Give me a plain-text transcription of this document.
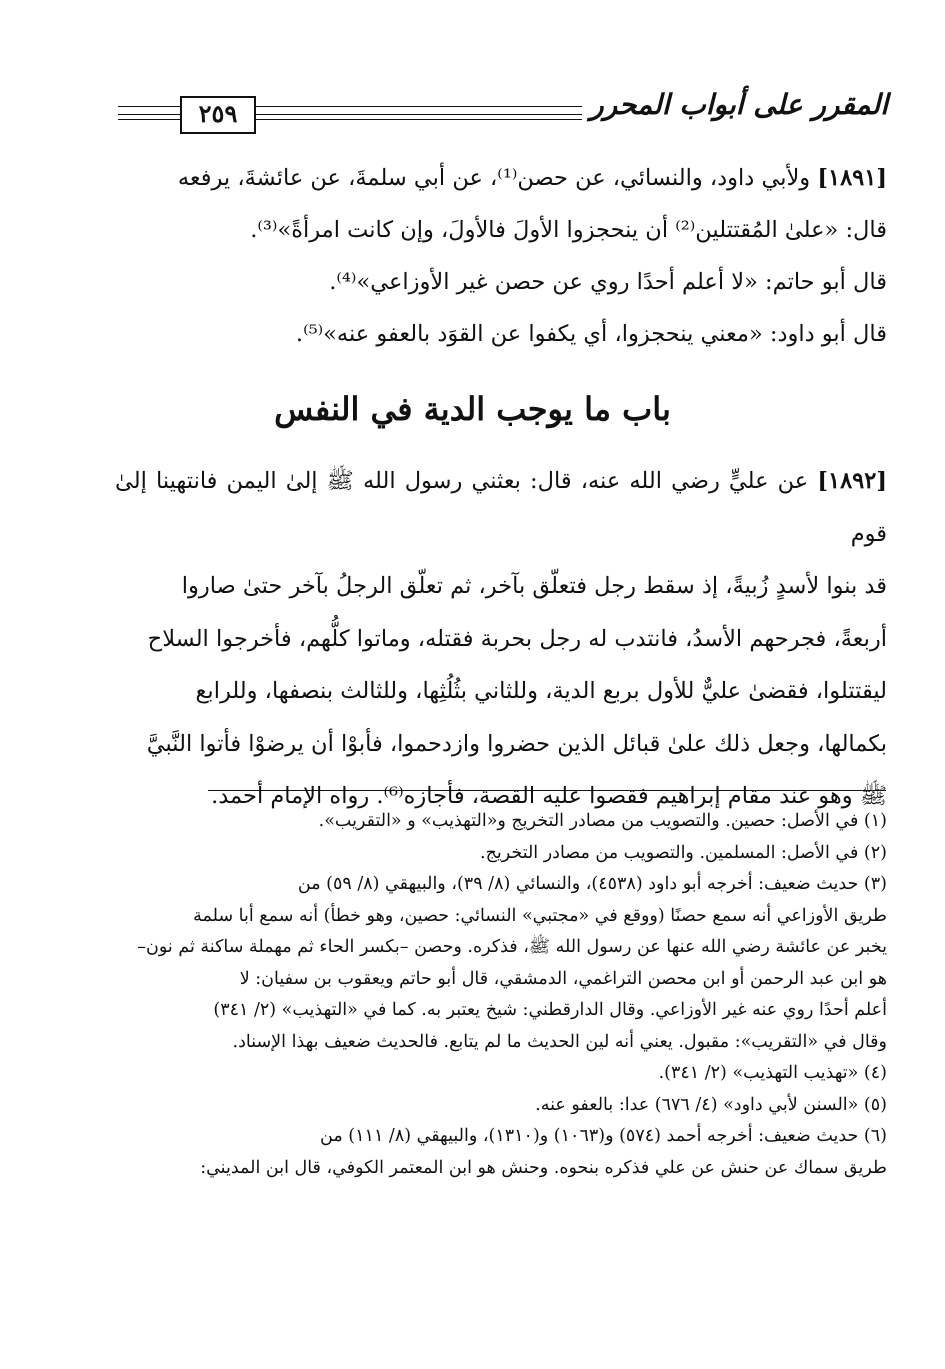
٢٥٩	المقرر على أبواب المحرر
[١٨٩١] ولأبي داود، والنسائي، عن حصن⁽¹⁾، عن أبي سلمةَ، عن عائشةَ، يرفعه
قال: «علىٰ المُقتتلين⁽²⁾ أن ينحجزوا الأولَ فالأولَ، وإن كانت امرأةً»⁽³⁾.
قال أبو حاتم: «لا أعلم أحدًا روي عن حصن غير الأوزاعي»⁽⁴⁾.
قال أبو داود: «معني ينحجزوا، أي يكفوا عن القوَد بالعفو عنه»⁽⁵⁾.
باب ما يوجب الدية في النفس
[١٨٩٢] عن عليٍّ رضي الله عنه، قال: بعثني رسول الله ﷺ إلىٰ اليمن فانتهينا إلىٰ قوم
قد بنوا لأسدٍ زُبيةً، إذ سقط رجل فتعلّق بآخر، ثم تعلّق الرجلُ بآخر حتىٰ صاروا
أربعةً، فجرحهم الأسدُ، فانتدب له رجل بحربة فقتله، وماتوا كلُّهم، فأخرجوا السلاح
ليقتتلوا، فقضىٰ عليٌّ للأول بربع الدية، وللثاني بثُلُثِها، وللثالث بنصفها، وللرابع
بكمالها، وجعل ذلك علىٰ قبائل الذين حضروا وازدحموا، فأبوْا أن يرضوْا فأتوا النَّبيَّ
ﷺ وهو عند مقام إبراهيم فقصوا عليه القصة، فأجازه⁽⁶⁾. رواه الإمام أحمد.

(١) في الأصل: حصين. والتصويب من مصادر التخريج و«التهذيب» و «التقريب».

(٢) في الأصل: المسلمين. والتصويب من مصادر التخريج.

(٣) حديث ضعيف: أخرجه أبو داود (٤٥٣٨)، والنسائي (٨/ ٣٩)، والبيهقي (٨/ ٥٩) من
طريق الأوزاعي أنه سمع حصنًا (ووقع في «مجتبي» النسائي: حصين، وهو خطأ) أنه سمع أبا سلمة
يخبر عن عائشة رضي الله عنها عن رسول الله ﷺ، فذكره. وحصن –بكسر الحاء ثم مهملة ساكنة ثم نون–
هو ابن عبد الرحمن أو ابن محصن التراغمي، الدمشقي، قال أبو حاتم ويعقوب بن سفيان: لا
أعلم أحدًا روي عنه غير الأوزاعي. وقال الدارقطني: شيخ يعتبر به. كما في «التهذيب» (٢/ ٣٤١)
وقال في «التقريب»: مقبول. يعني أنه لين الحديث ما لم يتابع. فالحديث ضعيف بهذا الإسناد.

(٤) «تهذيب التهذيب» (٢/ ٣٤١).

(٥) «السنن لأبي داود» (٤/ ٦٧٦) عدا: بالعفو عنه.

(٦) حديث ضعيف: أخرجه أحمد (٥٧٤) و(١٠٦٣) و(١٣١٠)، والبيهقي (٨/ ١١١) من
طريق سماك عن حنش عن علي فذكره بنحوه. وحنش هو ابن المعتمر الكوفي، قال ابن المديني:
